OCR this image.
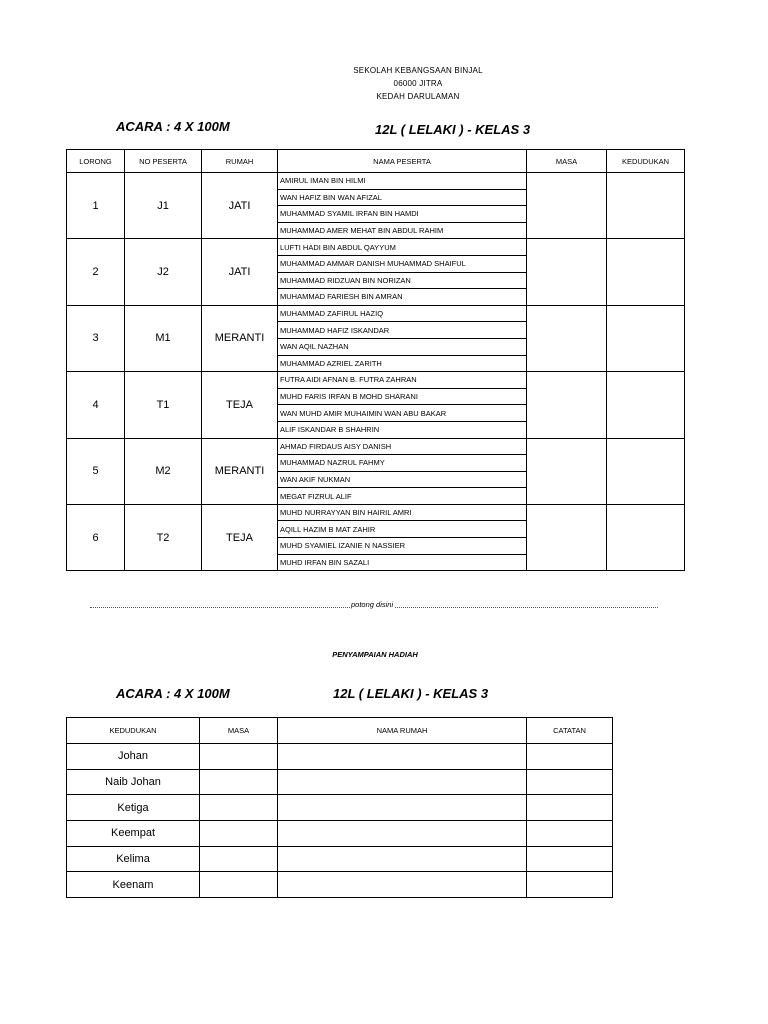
SEKOLAH KEBANGSAAN BINJAL
06000 JITRA
KEDAH DARULAMAN
ACARA : 4 X 100M	12L ( LELAKI ) - KELAS 3
LORONG	NO PESERTA	RUMAH	NAMA PESERTA	MASA	KEDUDUKAN
1	J1	JATI	AMIRUL IMAN BIN HILMI		
			WAN HAFIZ BIN WAN AFIZAL		
			MUHAMMAD SYAMIL IRFAN BIN HAMDI		
			MUHAMMAD AMER MEHAT BIN ABDUL RAHIM		
2	J2	JATI	LUFTI HADI BIN ABDUL QAYYUM		
			MUHAMMAD AMMAR DANISH MUHAMMAD SHAIFUL		
			MUHAMMAD RIDZUAN BIN NORIZAN		
			MUHAMMAD FARIESH BIN AMRAN		
3	M1	MERANTI	MUHAMMAD ZAFIRUL HAZIQ		
			MUHAMMAD HAFIZ ISKANDAR		
			WAN AQIL NAZHAN		
			MUHAMMAD AZRIEL ZARITH		
4	T1	TEJA	FUTRA AIDI AFNAN B. FUTRA ZAHRAN		
			MUHD FARIS IRFAN B MOHD SHARANI		
			WAN MUHD AMIR MUHAIMIN WAN ABU BAKAR		
			ALIF ISKANDAR B SHAHRIN		
5	M2	MERANTI	AHMAD FIRDAUS AISY DANISH		
			MUHAMMAD NAZRUL FAHMY		
			WAN AKIF NUKMAN		
			MEGAT FIZRUL ALIF		
6	T2	TEJA	MUHD NURRAYYAN BIN HAIRIL AMRI		
			AQILL HAZIM B MAT ZAHIR		
			MUHD SYAMIEL IZANIE N NASSIER		
			MUHD IRFAN BIN SAZALI		
potong disini
PENYAMPAIAN HADIAH
ACARA : 4 X 100M	12L ( LELAKI ) - KELAS 3
KEDUDUKAN	MASA	NAMA RUMAH	CATATAN
Johan			
Naib Johan			
Ketiga			
Keempat			
Kelima			
Keenam			
